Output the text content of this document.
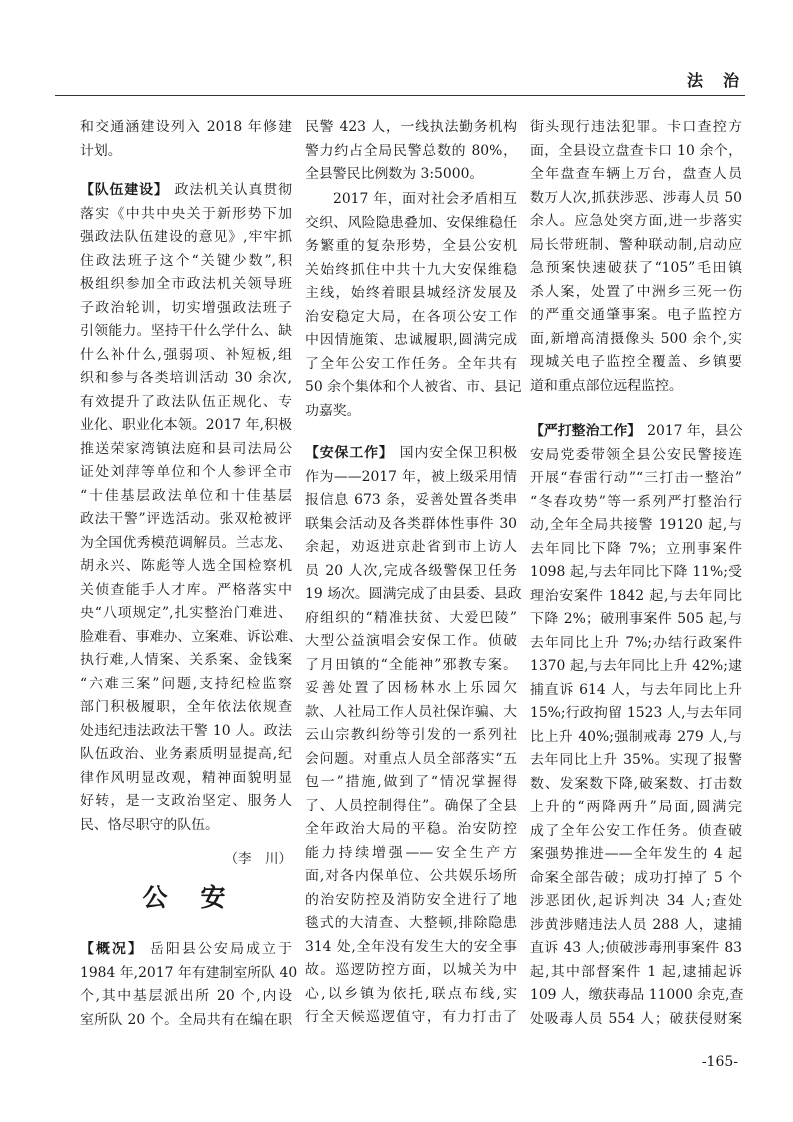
法　治
和交通涵建设列入 2018 年修建
计划。
【队伍建设】 政法机关认真贯彻
落实《中共中央关于新形势下加
强政法队伍建设的意见》,牢牢抓
住政法班子这个“关键少数”,积
极组织参加全市政法机关领导班
子政治轮训，切实增强政法班子
引领能力。坚持干什么学什么、缺
什么补什么,强弱项、补短板,组
织和参与各类培训活动 30 余次,
有效提升了政法队伍正规化、专
业化、职业化本领。2017 年,积极
推送荣家湾镇法庭和县司法局公
证处刘萍等单位和个人参评全市
“十佳基层政法单位和十佳基层
政法干警”评选活动。张双枪被评
为全国优秀模范调解员。兰志龙、
胡永兴、陈彪等人选全国检察机
关侦查能手人才库。严格落实中
央“八项规定”,扎实整治门难进、
脸难看、事难办、立案难、诉讼难、
执行难,人情案、关系案、金钱案
“六难三案”问题,支持纪检监察
部门积极履职，全年依法依规查
处违纪违法政法干警 10 人。政法
队伍政治、业务素质明显提高,纪
律作风明显改观，精神面貌明显
好转，是一支政治坚定、服务人
民、恪尽职守的队伍。
（李　川）
公　安
【概况】 岳阳县公安局成立于
1984 年,2017 年有建制室所队 40
个,其中基层派出所 20 个,内设
室所队 20 个。全局共有在编在职
民警 423 人，一线执法勤务机构
警力约占全局民警总数的 80%，
全县警民比例数为 3:5000。
2017 年，面对社会矛盾相互
交织、风险隐患叠加、安保维稳任
务繁重的复杂形势，全县公安机
关始终抓住中共十九大安保维稳
主线，始终着眼县城经济发展及
治安稳定大局，在各项公安工作
中因情施策、忠诚履职,圆满完成
了全年公安工作任务。全年共有
50 余个集体和个人被省、市、县记
功嘉奖。
【安保工作】 国内安全保卫积极
作为——2017 年，被上级采用情
报信息 673 条，妥善处置各类串
联集会活动及各类群体性事件 30
余起，劝返进京赴省到市上访人
员 20 人次,完成各级警保卫任务
19 场次。圆满完成了由县委、县政
府组织的“精准扶贫、大爱巴陵”
大型公益演唱会安保工作。侦破
了月田镇的“全能神”邪教专案。
妥善处置了因杨林水上乐园欠
款、人社局工作人员社保诈骗、大
云山宗教纠纷等引发的一系列社
会问题。对重点人员全部落实“五
包一”措施,做到了“情况掌握得
了、人员控制得住”。确保了全县
全年政治大局的平稳。治安防控
能力持续增强——安全生产方
面,对各内保单位、公共娱乐场所
的治安防控及消防安全进行了地
毯式的大清查、大整顿,排除隐患
314 处,全年没有发生大的安全事
故。巡逻防控方面，以城关为中
心,以乡镇为依托,联点布线,实
行全天候巡逻值守，有力打击了
街头现行违法犯罪。卡口查控方
面，全县设立盘查卡口 10 余个，
全年盘查车辆上万台，盘查人员
数万人次,抓获涉恶、涉毒人员 50
余人。应急处突方面,进一步落实
局长带班制、警种联动制,启动应
急预案快速破获了“105”毛田镇
杀人案，处置了中洲乡三死一伤
的严重交通肇事案。电子监控方
面,新增高清摄像头 500 余个,实
现城关电子监控全覆盖、乡镇要
道和重点部位远程监控。
【严打整治工作】 2017 年，县公
安局党委带领全县公安民警接连
开展“春雷行动”“三打击一整治”
“冬春攻势”等一系列严打整治行
动,全年全局共接警 19120 起,与
去年同比下降 7%；立刑事案件
1098 起,与去年同比下降 11%;受
理治安案件 1842 起,与去年同比
下降 2%；破刑事案件 505 起,与
去年同比上升 7%;办结行政案件
1370 起,与去年同比上升 42%;逮
捕直诉 614 人，与去年同比上升
15%;行政拘留 1523 人,与去年同
比上升 40%;强制戒毒 279 人,与
去年同比上升 35%。实现了报警
数、发案数下降,破案数、打击数
上升的“两降两升”局面,圆满完
成了全年公安工作任务。侦查破
案强势推进——全年发生的 4 起
命案全部告破；成功打掉了 5 个
涉恶团伙,起诉判决 34 人;查处
涉黄涉赌违法人员 288 人，逮捕
直诉 43 人;侦破涉毒刑事案件 83
起,其中部督案件 1 起,逮捕起诉
109 人，缴获毒品 11000 余克,查
处吸毒人员 554 人；破获侵财案
-165-
